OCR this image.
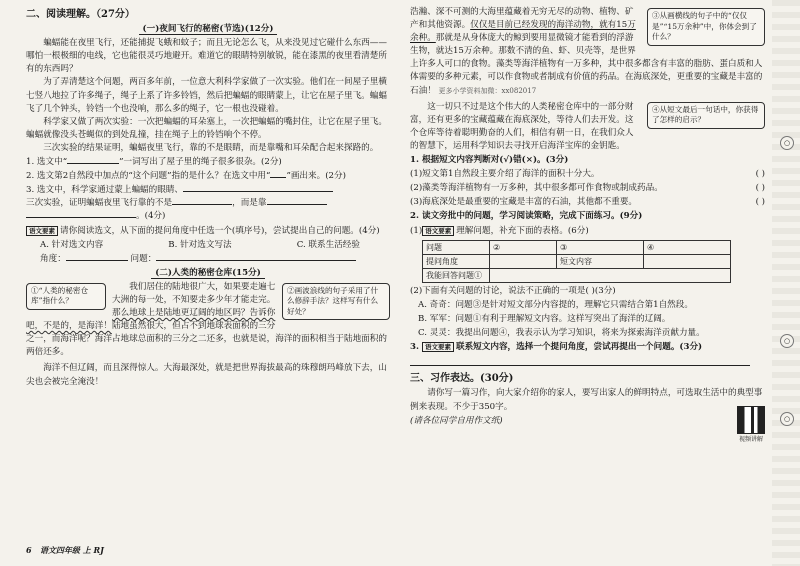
○
○
○
二、阅读理解。（27分）
(一)夜间飞行的秘密(节选)(12分)

蝙蝠能在夜里飞行，还能捕捉飞蛾和蚊子；而且无论怎么飞，从来没见过它碰什么东西——哪怕一根极细的电线，它也能很灵巧地避开。难道它的眼睛特别敏锐，能在漆黑的夜里看清楚所有的东西吗？

为了弄清楚这个问题，两百多年前，一位意大利科学家做了一次实验。他们在一间屋子里横七竖八地拉了许多绳子，绳子上系了许多铃铛，然后把蝙蝠的眼睛蒙上，让它在屋子里飞。蝙蝠飞了几个钟头，铃铛一个也没响，那么多的绳子，它一根也没碰着。

科学家又做了两次实验：一次把蝙蝠的耳朵塞上，一次把蝙蝠的嘴封住，让它在屋子里飞。蝙蝠就像没头苍蝇似的到处乱撞，挂在绳子上的铃铛响个不停。

三次实验的结果证明，蝙蝠夜里飞行，靠的不是眼睛，而是靠嘴和耳朵配合起来探路的。

1. 选文中“	”一词写出了屋子里的绳子很多很杂。(2分)
2. 选文第2自然段中加点的“这个问题”指的是什么？在选文中用“ ”画出来。(2分)
3. 选文中，科学家通过蒙上蝙蝠的眼睛、
三次实验，证明蝙蝠夜里飞行靠的不是	，而是靠
。(4分)
语文要素 请你阅读选文，从下面的提问角度中任选一个(填序号)，尝试提出自己的问题。(4分)
A. 针对选文内容	B. 针对选文写法	C. 联系生活经验
角度：	问题：
(二)人类的秘密仓库(15分)
①“人类的秘密仓库”指什么？
②画波浪线的句子采用了什么修辞手法？这样写有什么好处？

我们居住的陆地很广大，如果要走遍七大洲的每一处，不知要走多少年才能走完。那么地球上是陆地更辽阔的地区吗？告诉你吧，不是的，是海洋！陆地虽然很大，但占不到地球表面积的三分之一，而海洋呢？海洋占地球总面积的三分之二还多，也就是说，海洋的面积相当于陆地面积的两倍还多。

海洋不但辽阔，而且深得惊人。大海最深处，就是把世界海拔最高的珠穆朗玛峰放下去，山尖也会被完全淹没！

③从画横线的句子中的“仅仅是”“15万余种”中，你体会到了什么？

浩瀚、深不可测的大海里蕴藏着无穷无尽的动物、植物、矿产和其他资源。仅仅是目前已经发现的海洋动物，就有15万余种。那就是从身体庞大的鲸到要用显微镜才能看到的浮游生物，就达15万余种。那数不清的鱼、虾、贝壳等，是世界上许多人可口的食物。藻类等海洋植物有一万多种，其中很多都含有丰富的脂肪、蛋白质和人体需要的多种元素，可以作食物或者制成有价值的药品。在海底深处，更重要的宝藏是丰富的石油！ 更多小学资料加微：xx082017

④从短文最后一句话中，你获得了怎样的启示？

这一切只不过是这个伟大的人类秘密仓库中的一部分财富，还有更多的宝藏蕴藏在海底深处，等待人们去开发。这个仓库等待着聪明勤奋的人们，相信有朝一日，在我们众人的智慧下，运用科学知识去寻找开启海洋宝库的金钥匙。

1. 根据短文内容判断对(√)错(×)。(3分)
(1)短文第1自然段主要介绍了海洋的面积十分大。	( )
(2)藻类等海洋植物有一万多种，其中很多都可作食物或制成药品。	( )
(3)海底深处是最重要的宝藏是丰富的石油，其他都不重要。	( )
2. 读文旁批中的问题，学习阅读策略，完成下面练习。(9分)
(1) 语文要素 理解问题，补充下面的表格。(6分)
问题	②	③	④
提问角度		短文内容	
我能回答问题①			
(2)下面有关问题的讨论，说法不正确的一项是( )(3分)
A. 奇奇：问题③是针对短文部分内容提的，理解它只需结合第1自然段。
B. 军军：问题①有利于理解短文内容。这样写突出了海洋的辽阔。
C. 灵灵：我提出问题④，我表示认为学习知识，将来为探索海洋贡献力量。
3. 语文要素 联系短文内容，选择一个提问角度，尝试再提出一个问题。(3分)
三、习作表达。(30分)

请你写一篇习作，向大家介绍你的家人，要写出家人的鲜明特点，可选取生活中的典型事例来表现。不少于350字。

(请各位同学自用作文纸)
视频讲解
6 语文四年级 上 RJ
